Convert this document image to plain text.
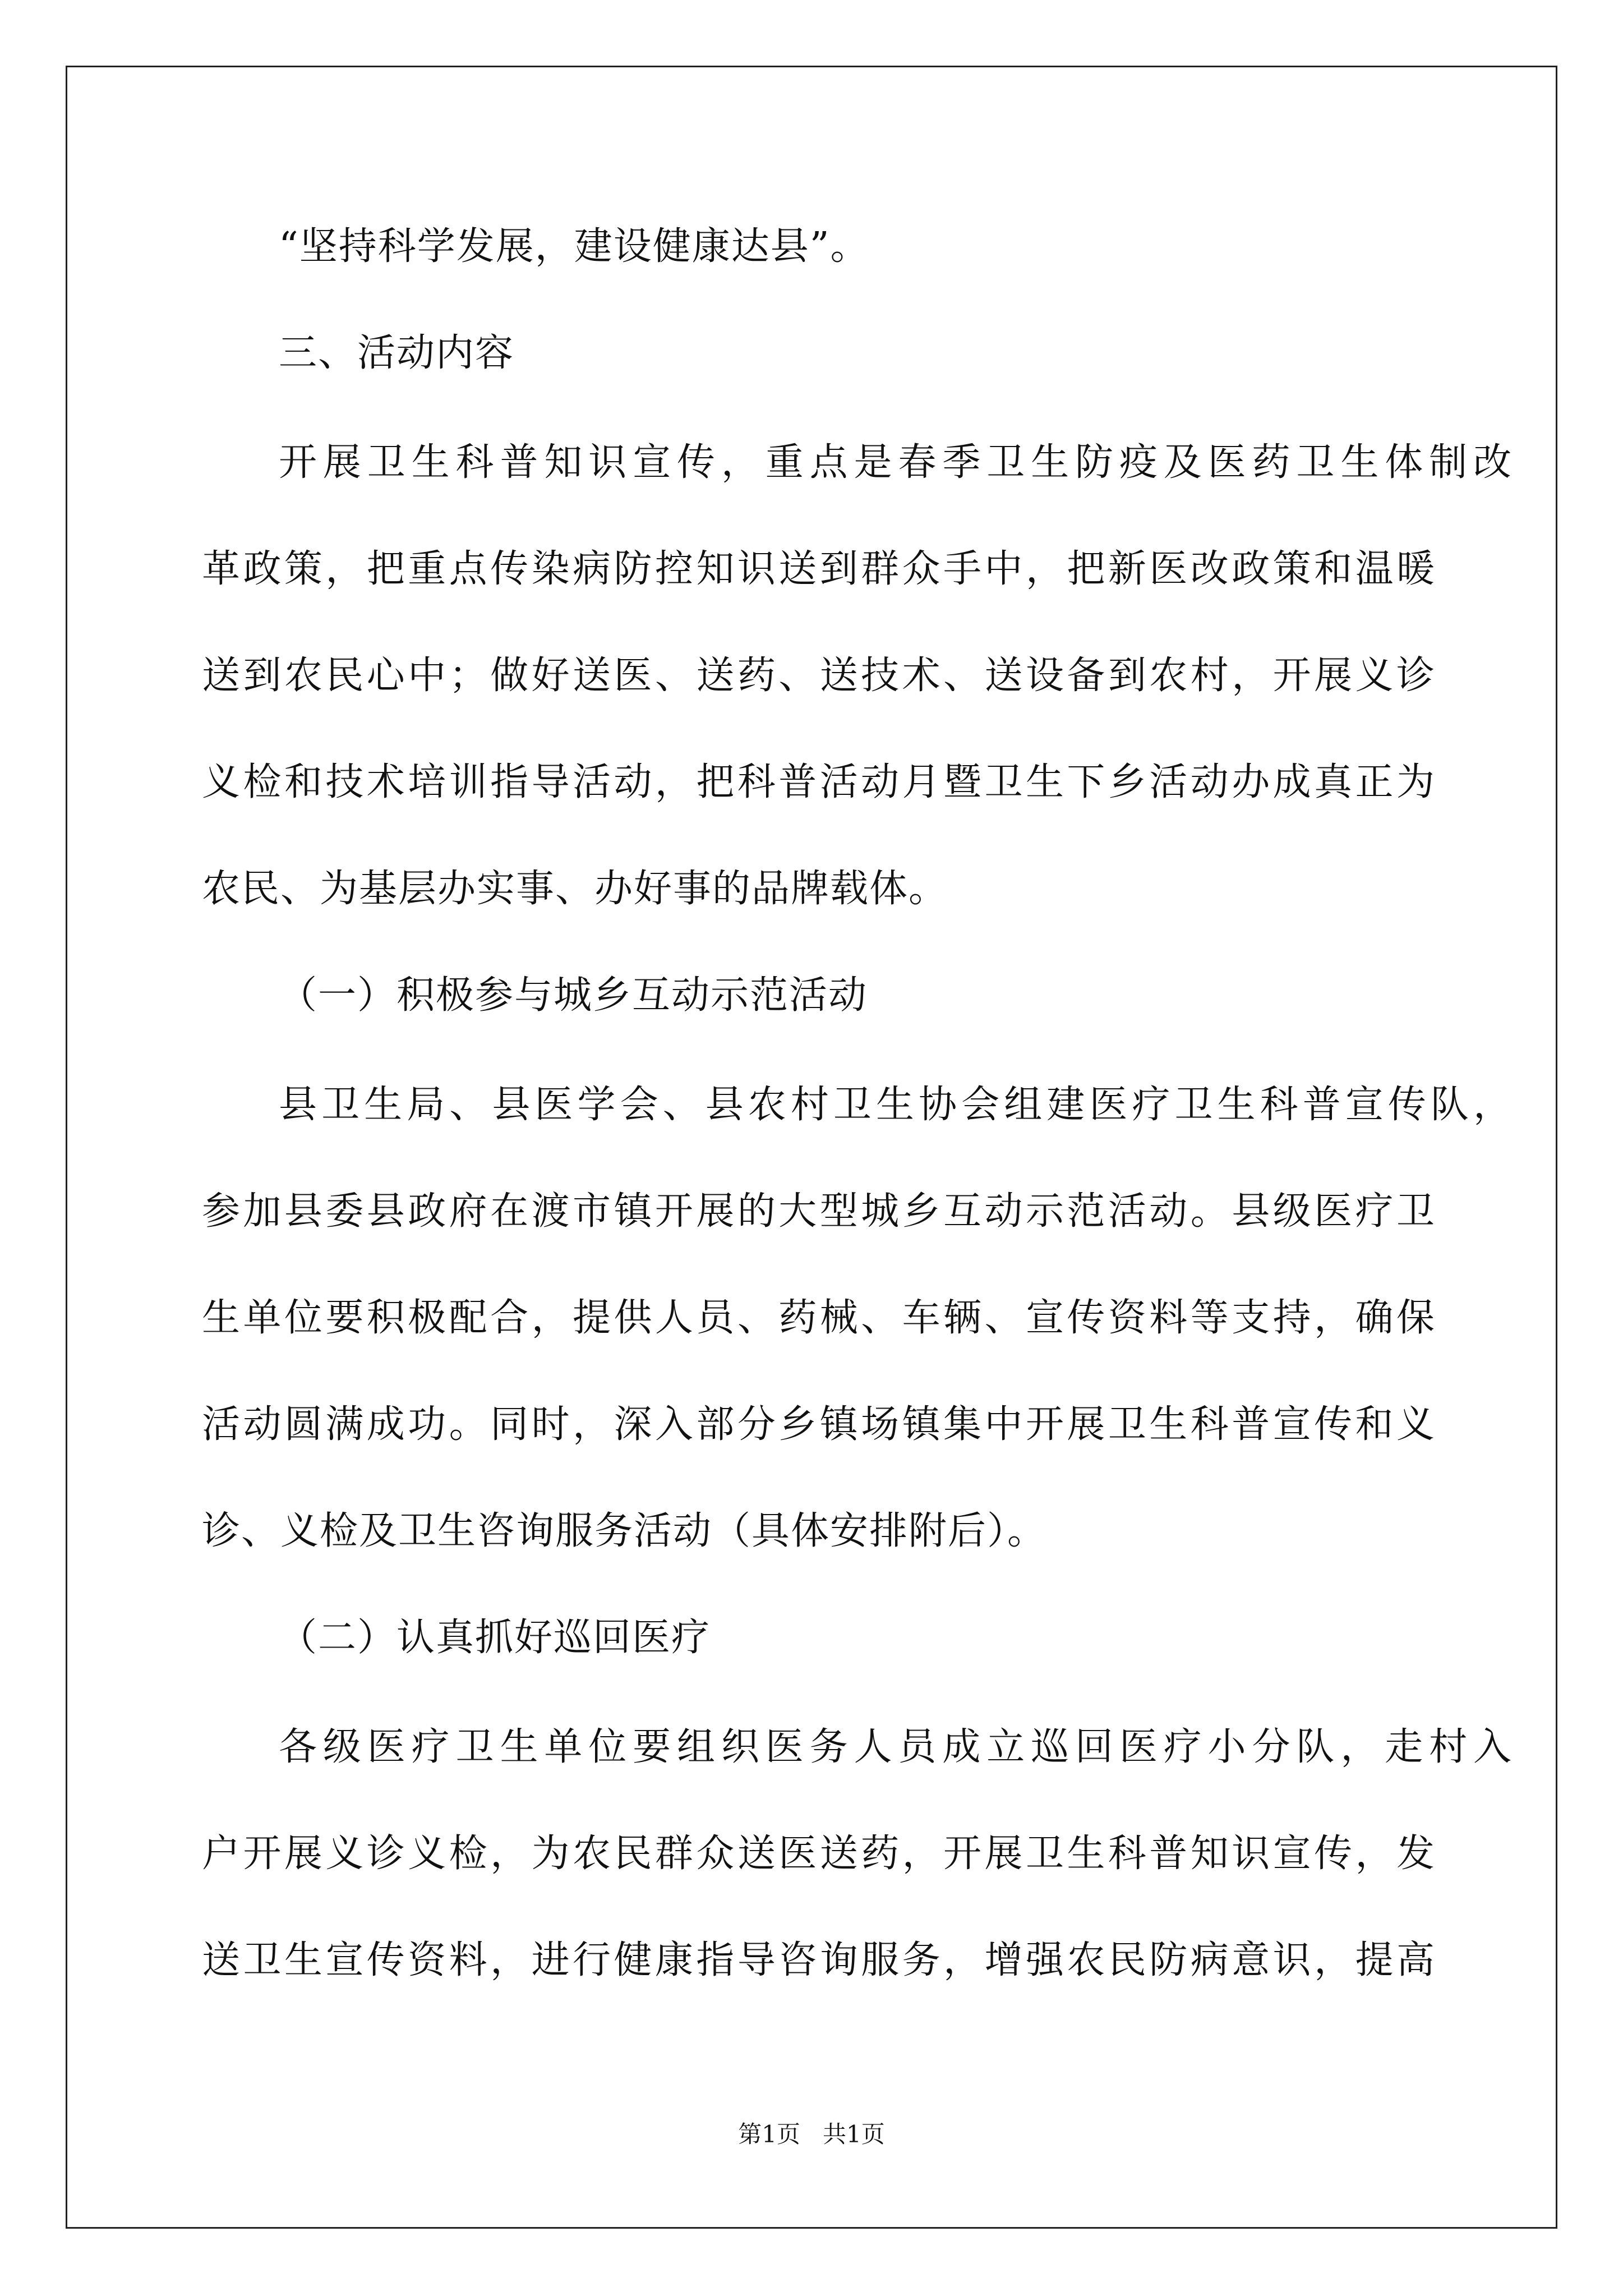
“坚持科学发展，建设健康达县”。
三、活动内容
开展卫生科普知识宣传，重点是春季卫生防疫及医药卫生体制改
革政策，把重点传染病防控知识送到群众手中，把新医改政策和温暖
送到农民心中；做好送医、送药、送技术、送设备到农村，开展义诊
义检和技术培训指导活动，把科普活动月暨卫生下乡活动办成真正为
农民、为基层办实事、办好事的品牌载体。
（一）积极参与城乡互动示范活动
县卫生局、县医学会、县农村卫生协会组建医疗卫生科普宣传队，
参加县委县政府在渡市镇开展的大型城乡互动示范活动。县级医疗卫
生单位要积极配合，提供人员、药械、车辆、宣传资料等支持，确保
活动圆满成功。同时，深入部分乡镇场镇集中开展卫生科普宣传和义
诊、义检及卫生咨询服务活动（具体安排附后）。
（二）认真抓好巡回医疗
各级医疗卫生单位要组织医务人员成立巡回医疗小分队，走村入
户开展义诊义检，为农民群众送医送药，开展卫生科普知识宣传，发
送卫生宣传资料，进行健康指导咨询服务，增强农民防病意识，提高
第1页 共1页
